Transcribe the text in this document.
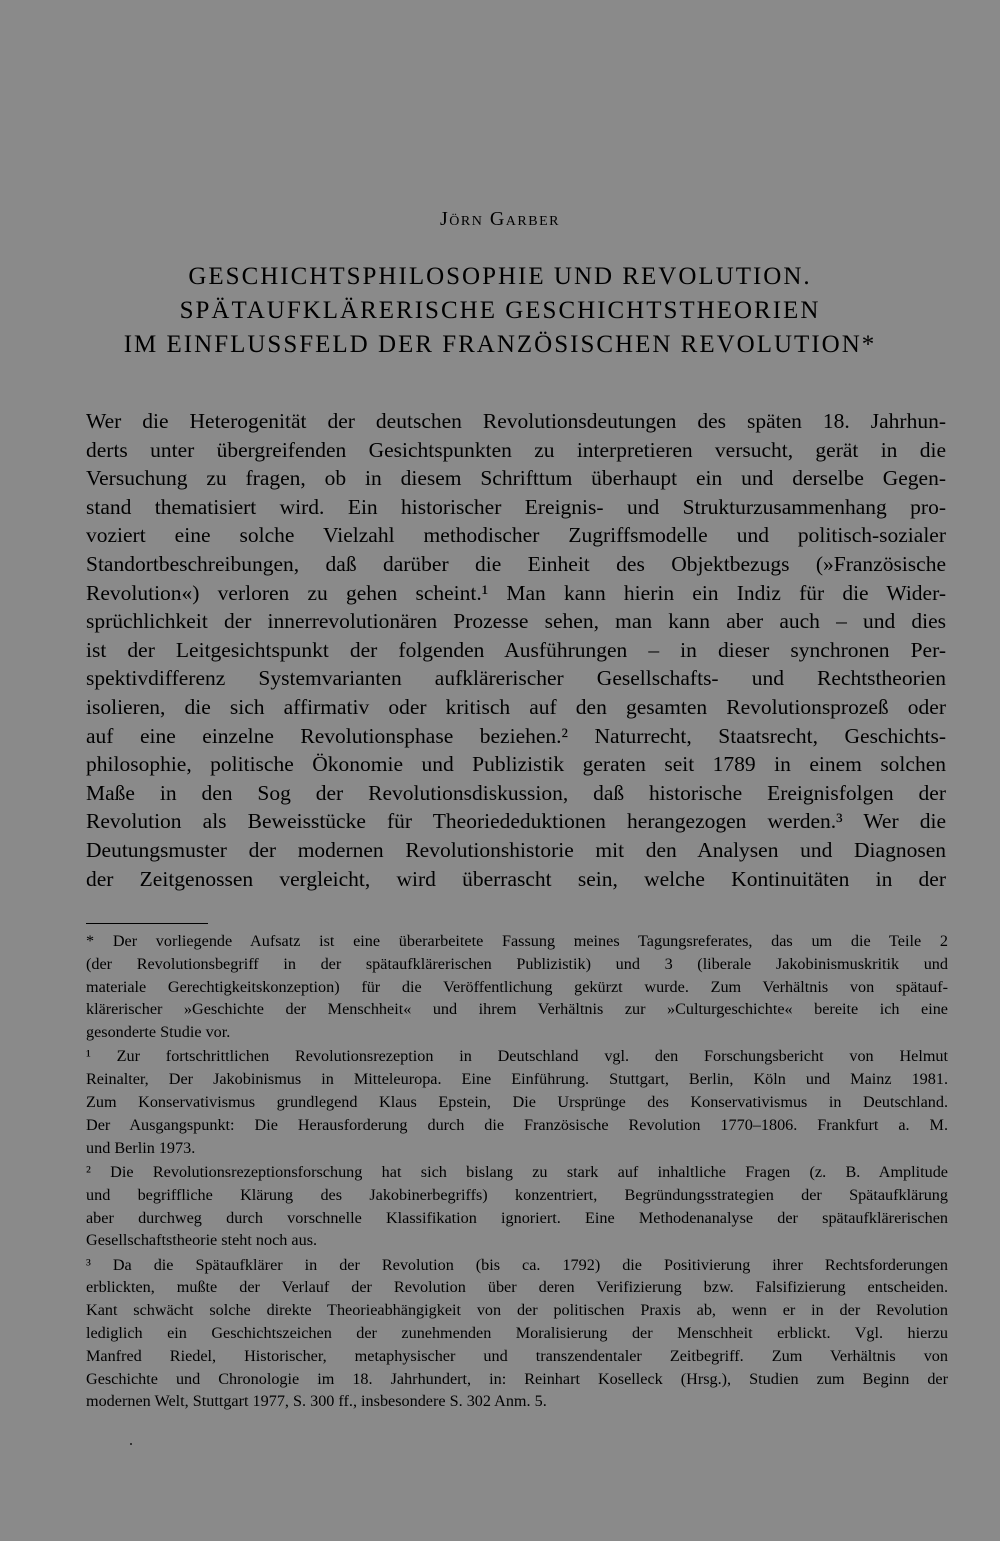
Jörn Garber
GESCHICHTSPHILOSOPHIE UND REVOLUTION.
SPÄTAUFKLÄRERISCHE GESCHICHTSTHEORIEN
IM EINFLUSSFELD DER FRANZÖSISCHEN REVOLUTION*
Wer die Heterogenität der deutschen Revolutionsdeutungen des späten 18. Jahrhun-
derts unter übergreifenden Gesichtspunkten zu interpretieren versucht, gerät in die
Versuchung zu fragen, ob in diesem Schrifttum überhaupt ein und derselbe Gegen-
stand thematisiert wird. Ein historischer Ereignis- und Strukturzusammenhang pro-
voziert eine solche Vielzahl methodischer Zugriffsmodelle und politisch-sozialer
Standortbeschreibungen, daß darüber die Einheit des Objektbezugs (»Französische
Revolution«) verloren zu gehen scheint.¹ Man kann hierin ein Indiz für die Wider-
sprüchlichkeit der innerrevolutionären Prozesse sehen, man kann aber auch – und dies
ist der Leitgesichtspunkt der folgenden Ausführungen – in dieser synchronen Per-
spektivdifferenz Systemvarianten aufklärerischer Gesellschafts- und Rechtstheorien
isolieren, die sich affirmativ oder kritisch auf den gesamten Revolutionsprozeß oder
auf eine einzelne Revolutionsphase beziehen.² Naturrecht, Staatsrecht, Geschichts-
philosophie, politische Ökonomie und Publizistik geraten seit 1789 in einem solchen
Maße in den Sog der Revolutionsdiskussion, daß historische Ereignisfolgen der
Revolution als Beweisstücke für Theoriededuktionen herangezogen werden.³ Wer die
Deutungsmuster der modernen Revolutionshistorie mit den Analysen und Diagnosen
der Zeitgenossen vergleicht, wird überrascht sein, welche Kontinuitäten in der
* Der vorliegende Aufsatz ist eine überarbeitete Fassung meines Tagungsreferates, das um die Teile 2
(der Revolutionsbegriff in der spätaufklärerischen Publizistik) und 3 (liberale Jakobinismuskritik und
materiale Gerechtigkeitskonzeption) für die Veröffentlichung gekürzt wurde. Zum Verhältnis von spätauf-
klärerischer »Geschichte der Menschheit« und ihrem Verhältnis zur »Culturgeschichte« bereite ich eine
gesonderte Studie vor.
¹ Zur fortschrittlichen Revolutionsrezeption in Deutschland vgl. den Forschungsbericht von Helmut
Reinalter, Der Jakobinismus in Mitteleuropa. Eine Einführung. Stuttgart, Berlin, Köln und Mainz 1981.
Zum Konservativismus grundlegend Klaus Epstein, Die Ursprünge des Konservativismus in Deutschland.
Der Ausgangspunkt: Die Herausforderung durch die Französische Revolution 1770–1806. Frankfurt a. M.
und Berlin 1973.
² Die Revolutionsrezeptionsforschung hat sich bislang zu stark auf inhaltliche Fragen (z. B. Amplitude
und begriffliche Klärung des Jakobinerbegriffs) konzentriert, Begründungsstrategien der Spätaufklärung
aber durchweg durch vorschnelle Klassifikation ignoriert. Eine Methodenanalyse der spätaufklärerischen
Gesellschaftstheorie steht noch aus.
³ Da die Spätaufklärer in der Revolution (bis ca. 1792) die Positivierung ihrer Rechtsforderungen
erblickten, mußte der Verlauf der Revolution über deren Verifizierung bzw. Falsifizierung entscheiden.
Kant schwächt solche direkte Theorieabhängigkeit von der politischen Praxis ab, wenn er in der Revolution
lediglich ein Geschichtszeichen der zunehmenden Moralisierung der Menschheit erblickt. Vgl. hierzu
Manfred Riedel, Historischer, metaphysischer und transzendentaler Zeitbegriff. Zum Verhältnis von
Geschichte und Chronologie im 18. Jahrhundert, in: Reinhart Koselleck (Hrsg.), Studien zum Beginn der
modernen Welt, Stuttgart 1977, S. 300 ff., insbesondere S. 302 Anm. 5.
